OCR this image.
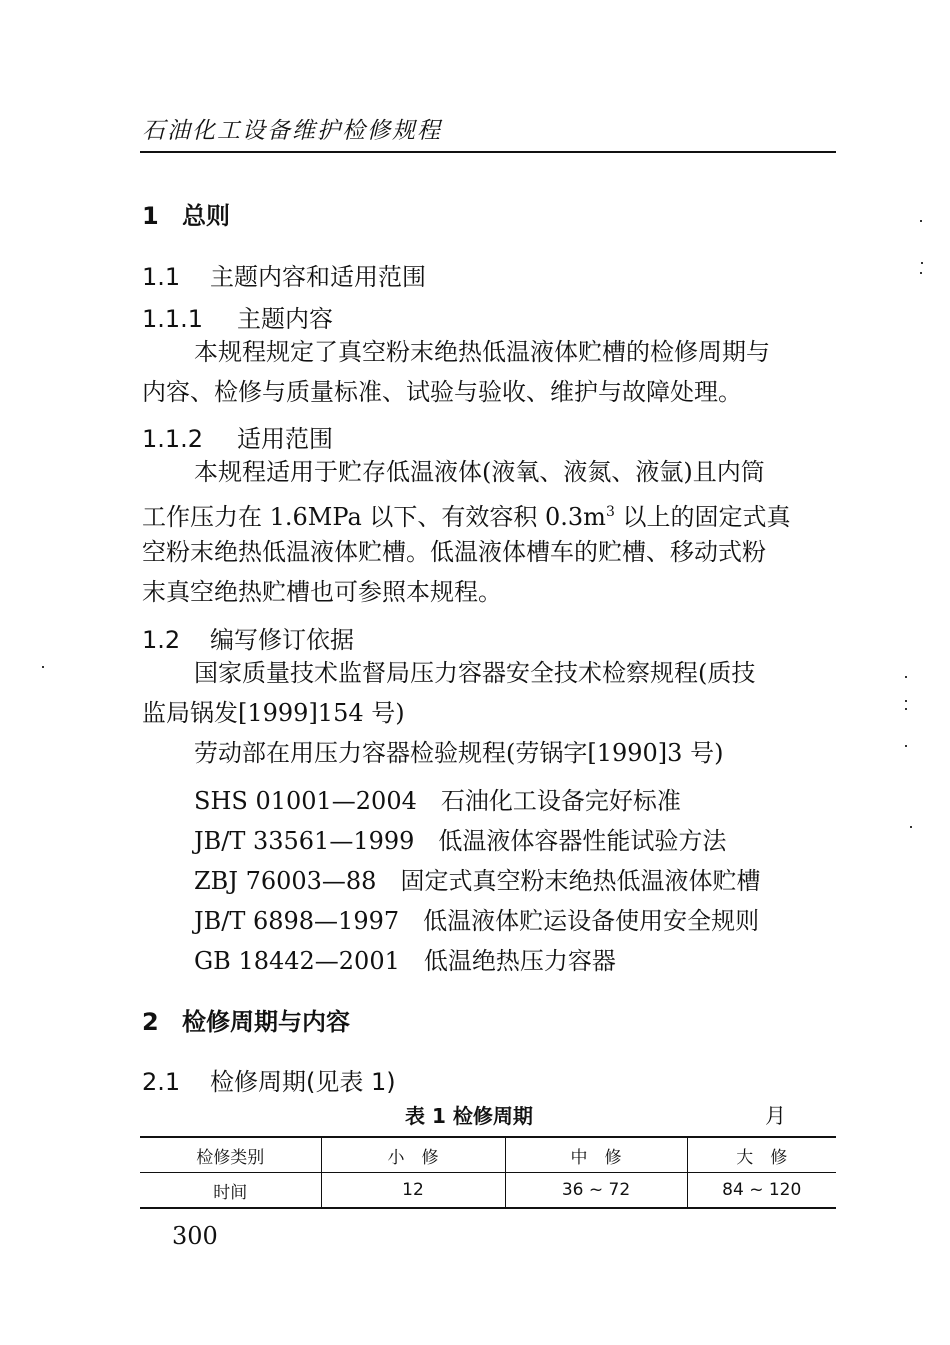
石油化工设备维护检修规程
1 总则
1.1 主题内容和适用范围
1.1.1 主题内容
本规程规定了真空粉末绝热低温液体贮槽的检修周期与
内容、检修与质量标准、试验与验收、维护与故障处理。
1.1.2 适用范围
本规程适用于贮存低温液体(液氧、液氮、液氩)且内筒
工作压力在 1.6MPa 以下、有效容积 $0.3m^3$ 以上的固定式真
空粉末绝热低温液体贮槽。低温液体槽车的贮槽、移动式粉
末真空绝热贮槽也可参照本规程。
1.2 编写修订依据
国家质量技术监督局压力容器安全技术检察规程(质技
监局锅发[1999]154 号)
劳动部在用压力容器检验规程(劳锅字[1990]3 号)
SHS 01001—2004 石油化工设备完好标准
JB/T 33561—1999 低温液体容器性能试验方法
ZBJ 76003—88 固定式真空粉末绝热低温液体贮槽
JB/T 6898—1997 低温液体贮运设备使用安全规则
GB 18442—2001 低温绝热压力容器
2 检修周期与内容
2.1 检修周期(见表 1)
表 1 检修周期	月
检修类别	小　修	中　修	大　修
时间	12	36 ~ 72	84 ~ 120
300
